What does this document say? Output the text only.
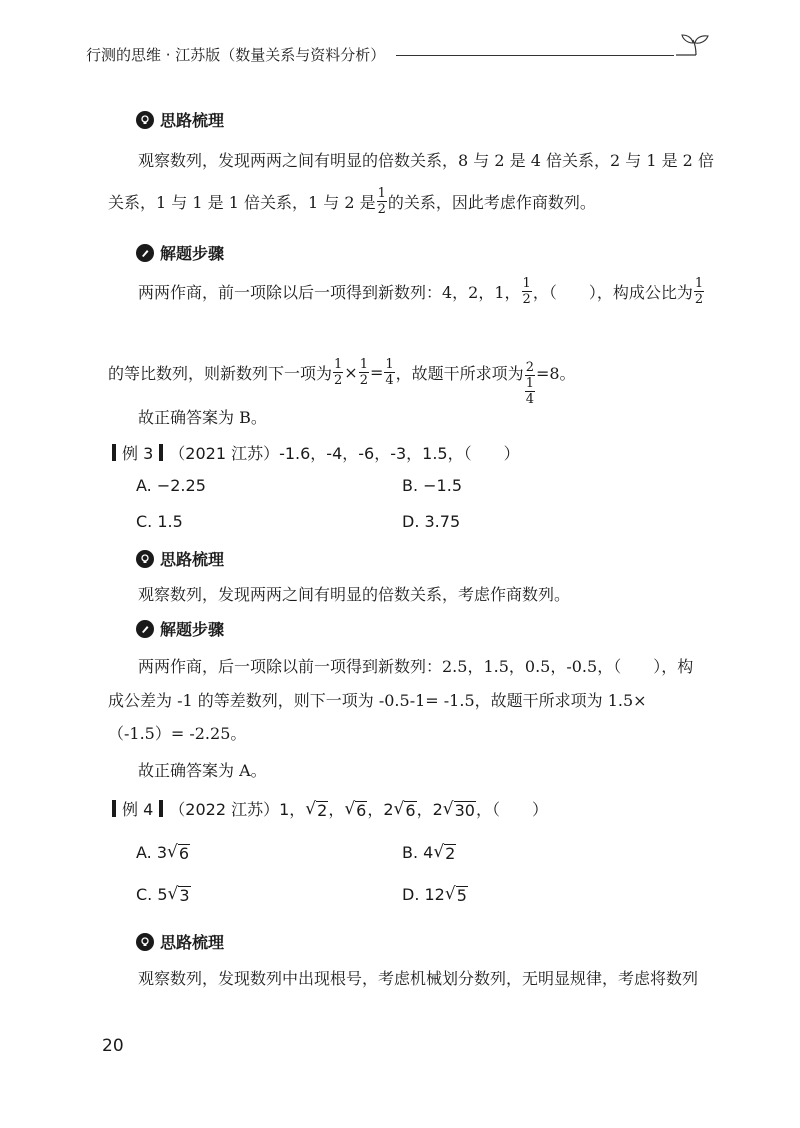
行测的思维 · 江苏版（数量关系与资料分析）
思路梳理
观察数列，发现两两之间有明显的倍数关系，8 与 2 是 4 倍关系，2 与 1 是 2 倍
关系，1 与 1 是 1 倍关系，1 与 2 是 $\frac{1}{2}$ 的关系，因此考虑作商数列。
解题步骤
两两作商，前一项除以后一项得到新数列：4，2，1， $\frac{1}{2}$ ，（　　），构成公比为 $\frac{1}{2}$
的等比数列，则新数列下一项为 $\frac{1}{2} \times \frac{1}{2} = \frac{1}{4}$ ，故题干所求项为 $\frac{2}{\frac{1}{4}} =8$。
故正确答案为 B。
例 3 （2021 江苏）-1.6，-4，-6，-3，1.5，（　　）
A. −2.25	B. −1.5
C. 1.5	D. 3.75
思路梳理
观察数列，发现两两之间有明显的倍数关系，考虑作商数列。
解题步骤
两两作商，后一项除以前一项得到新数列：2.5，1.5，0.5，-0.5，（　　），构
成公差为 -1 的等差数列，则下一项为 -0.5-1= -1.5，故题干所求项为 1.5×
（-1.5）= -2.25。
故正确答案为 A。
例 4 （2022 江苏）1， √ 2 ， √ 6 ，2 √ 6 ，2 √ 30 ，（　　）
A. 3 √ 6	B. 4 √ 2
C. 5 √ 3	D. 12 √ 5
思路梳理
观察数列，发现数列中出现根号，考虑机械划分数列，无明显规律，考虑将数列
20
